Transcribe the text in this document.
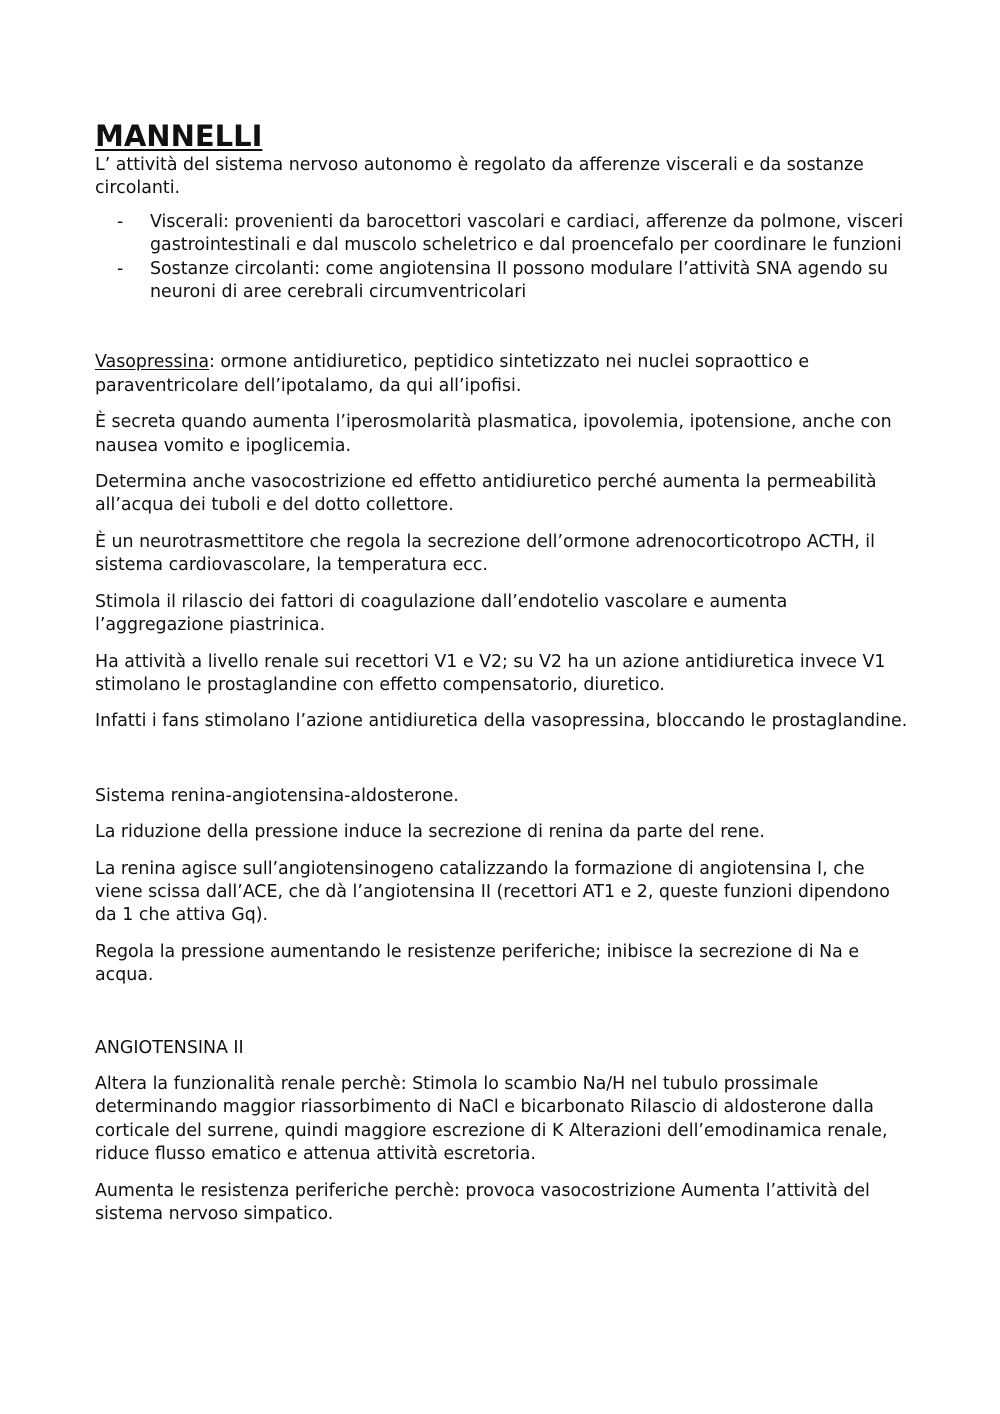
MANNELLI

L’ attività del sistema nervoso autonomo è regolato da afferenze viscerali e da sostanze circolanti.

- Viscerali: provenienti da barocettori vascolari e cardiaci, afferenze da polmone, visceri gastrointestinali e dal muscolo scheletrico e dal proencefalo per coordinare le funzioni
- Sostanze circolanti: come angiotensina II possono modulare l’attività SNA agendo su neuroni di aree cerebrali circumventricolari

Vasopressina: ormone antidiuretico, peptidico sintetizzato nei nuclei sopraottico e paraventricolare dell’ipotalamo, da qui all’ipofisi.

È secreta quando aumenta l’iperosmolarità plasmatica, ipovolemia, ipotensione, anche con nausea vomito e ipoglicemia.

Determina anche vasocostrizione ed effetto antidiuretico perché aumenta la permeabilità all’acqua dei tuboli e del dotto collettore.

È un neurotrasmettitore che regola la secrezione dell’ormone adrenocorticotropo ACTH, il sistema cardiovascolare, la temperatura ecc.

Stimola il rilascio dei fattori di coagulazione dall’endotelio vascolare e aumenta l’aggregazione piastrinica.

Ha attività a livello renale sui recettori V1 e V2; su V2 ha un azione antidiuretica invece V1 stimolano le prostaglandine con effetto compensatorio, diuretico.

Infatti i fans stimolano l’azione antidiuretica della vasopressina, bloccando le prostaglandine.

Sistema renina-angiotensina-aldosterone.

La riduzione della pressione induce la secrezione di renina da parte del rene.

La renina agisce sull’angiotensinogeno catalizzando la formazione di angiotensina I, che viene scissa dall’ACE, che dà l’angiotensina II (recettori AT1 e 2, queste funzioni dipendono da 1 che attiva Gq).

Regola la pressione aumentando le resistenze periferiche; inibisce la secrezione di Na e acqua.

ANGIOTENSINA II

Altera la funzionalità renale perchè: Stimola lo scambio Na/H nel tubulo prossimale determinando maggior riassorbimento di NaCl e bicarbonato Rilascio di aldosterone dalla corticale del surrene, quindi maggiore escrezione di K Alterazioni dell’emodinamica renale, riduce flusso ematico e attenua attività escretoria.

Aumenta le resistenza periferiche perchè: provoca vasocostrizione Aumenta l’attività del sistema nervoso simpatico.
